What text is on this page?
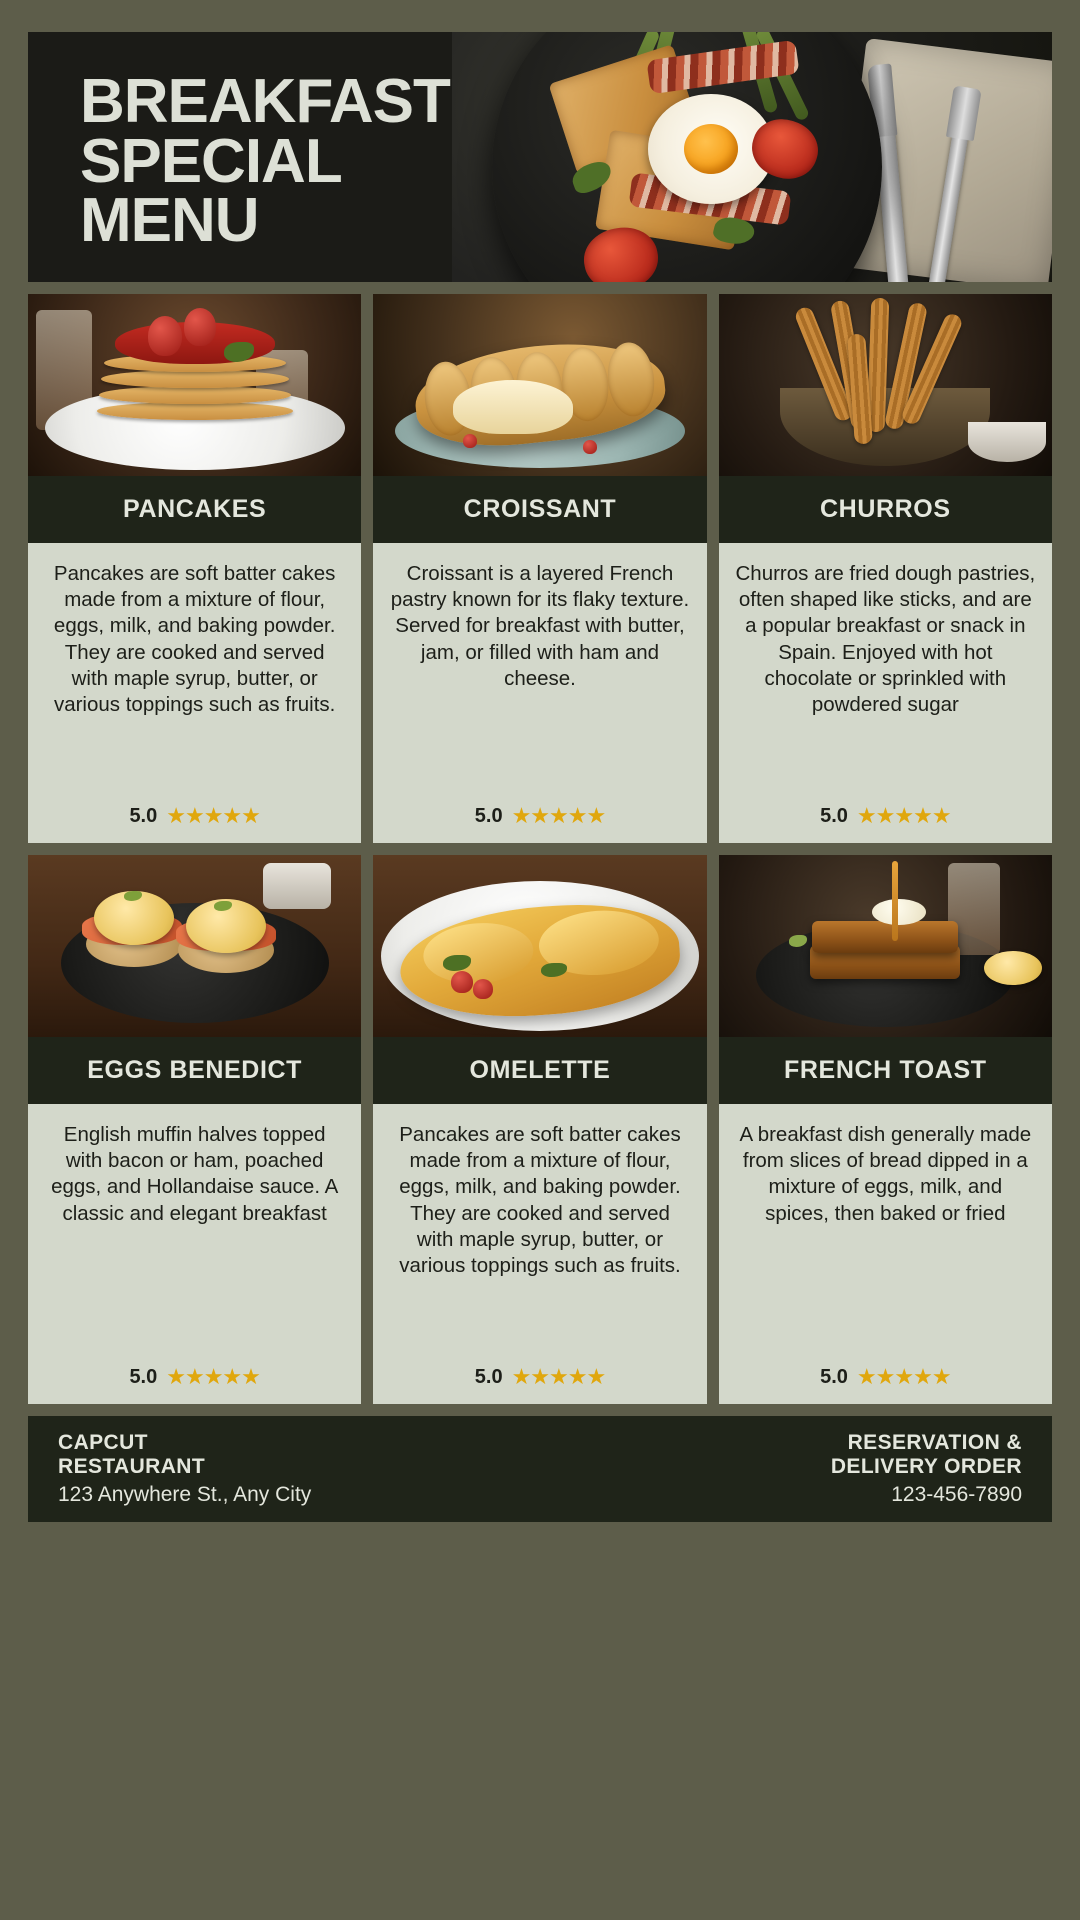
BREAKFAST
SPECIAL
MENU
PANCAKES

Pancakes are soft batter cakes made from a mixture of flour, eggs, milk, and baking powder. They are cooked and served with maple syrup, butter, or various toppings such as fruits.

5.0 ★★★★★
CROISSANT

Croissant is a layered French pastry known for its flaky texture. Served for breakfast with butter, jam, or filled with ham and cheese.

5.0 ★★★★★
CHURROS

Churros are fried dough pastries, often shaped like sticks, and are a popular breakfast or snack in Spain. Enjoyed with hot chocolate or sprinkled with powdered sugar

5.0 ★★★★★
EGGS BENEDICT

English muffin halves topped with bacon or ham, poached eggs, and Hollandaise sauce. A classic and elegant breakfast

5.0 ★★★★★
OMELETTE

Pancakes are soft batter cakes made from a mixture of flour, eggs, milk, and baking powder. They are cooked and served with maple syrup, butter, or various toppings such as fruits.

5.0 ★★★★★
FRENCH TOAST

A breakfast dish generally made from slices of bread dipped in a mixture of eggs, milk, and spices, then baked or fried

5.0 ★★★★★
CAPCUT
RESTAURANT
123 Anywhere St., Any City
RESERVATION &
DELIVERY ORDER
123-456-7890
